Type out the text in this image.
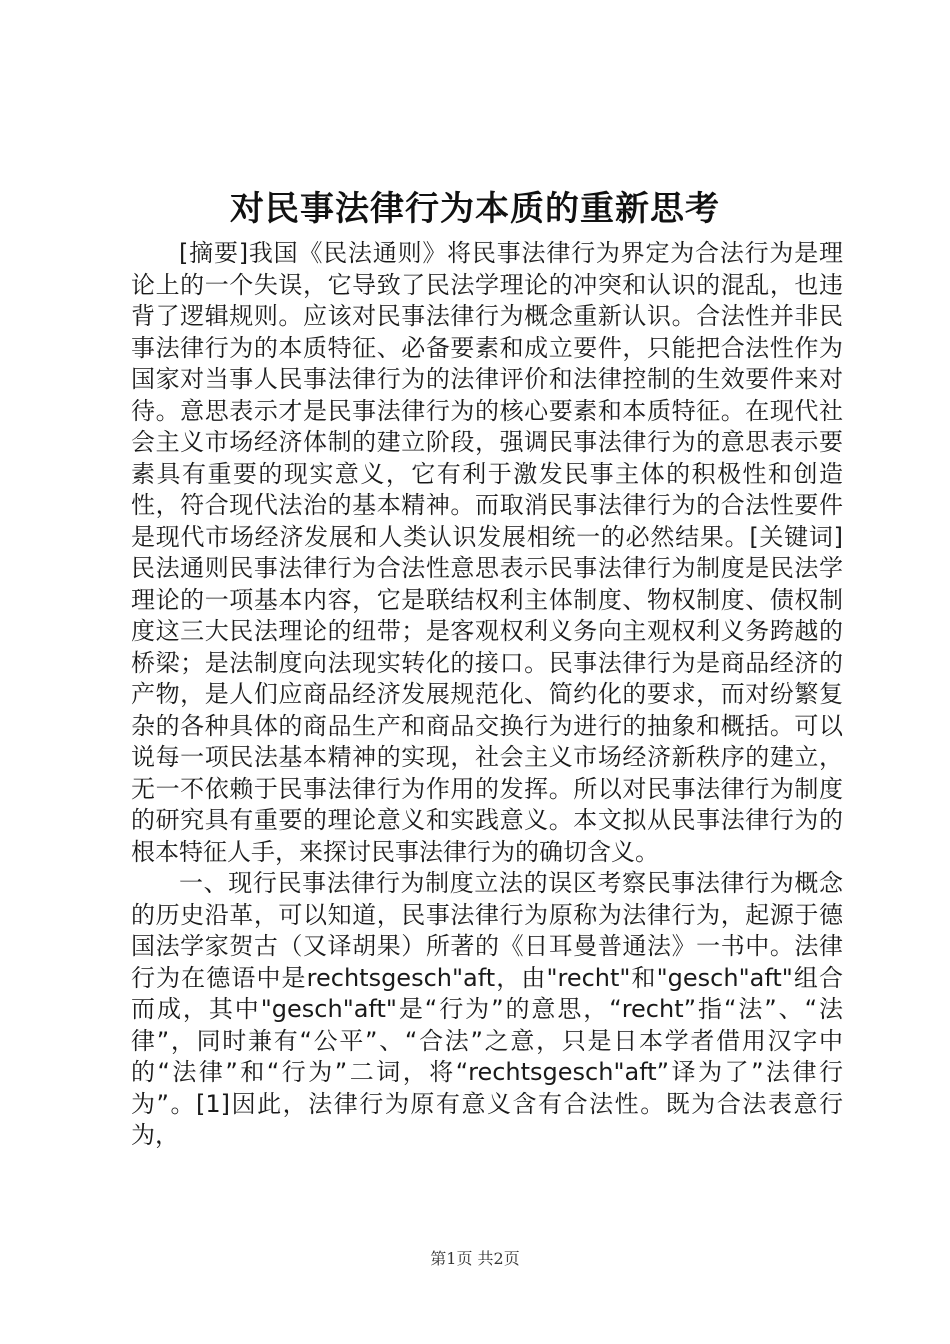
对民事法律行为本质的重新思考

[摘要]我国《民法通则》将民事法律行为界定为合法行为是理论上的一个失误，它导致了民法学理论的冲突和认识的混乱，也违背了逻辑规则。应该对民事法律行为概念重新认识。合法性并非民事法律行为的本质特征、必备要素和成立要件，只能把合法性作为国家对当事人民事法律行为的法律评价和法律控制的生效要件来对待。意思表示才是民事法律行为的核心要素和本质特征。在现代社会主义市场经济体制的建立阶段，强调民事法律行为的意思表示要素具有重要的现实意义，它有利于激发民事主体的积极性和创造性，符合现代法治的基本精神。而取消民事法律行为的合法性要件是现代市场经济发展和人类认识发展相统一的必然结果。[关键词]民法通则民事法律行为合法性意思表示民事法律行为制度是民法学理论的一项基本内容，它是联结权利主体制度、物权制度、债权制度这三大民法理论的纽带；是客观权利义务向主观权利义务跨越的桥梁；是法制度向法现实转化的接口。民事法律行为是商品经济的产物，是人们应商品经济发展规范化、简约化的要求，而对纷繁复杂的各种具体的商品生产和商品交换行为进行的抽象和概括。可以说每一项民法基本精神的实现，社会主义市场经济新秩序的建立，无一不依赖于民事法律行为作用的发挥。所以对民事法律行为制度的研究具有重要的理论意义和实践意义。本文拟从民事法律行为的根本特征人手，来探讨民事法律行为的确切含义。

一、现行民事法律行为制度立法的误区考察民事法律行为概念的历史沿革，可以知道，民事法律行为原称为法律行为，起源于德国法学家贺古（又译胡果）所著的《日耳曼普通法》一书中。法律行为在德语中是rechtsgesch"aft，由"recht"和"gesch"aft"组合而成，其中"gesch"aft"是“行为”的意思，“recht”指“法”、“法律”，同时兼有“公平”、“合法”之意，只是日本学者借用汉字中的“法律”和“行为”二词，将“rechtsgesch"aft”译为了”法律行为”。[1]因此，法律行为原有意义含有合法性。既为合法表意行为，

第1页 共2页
